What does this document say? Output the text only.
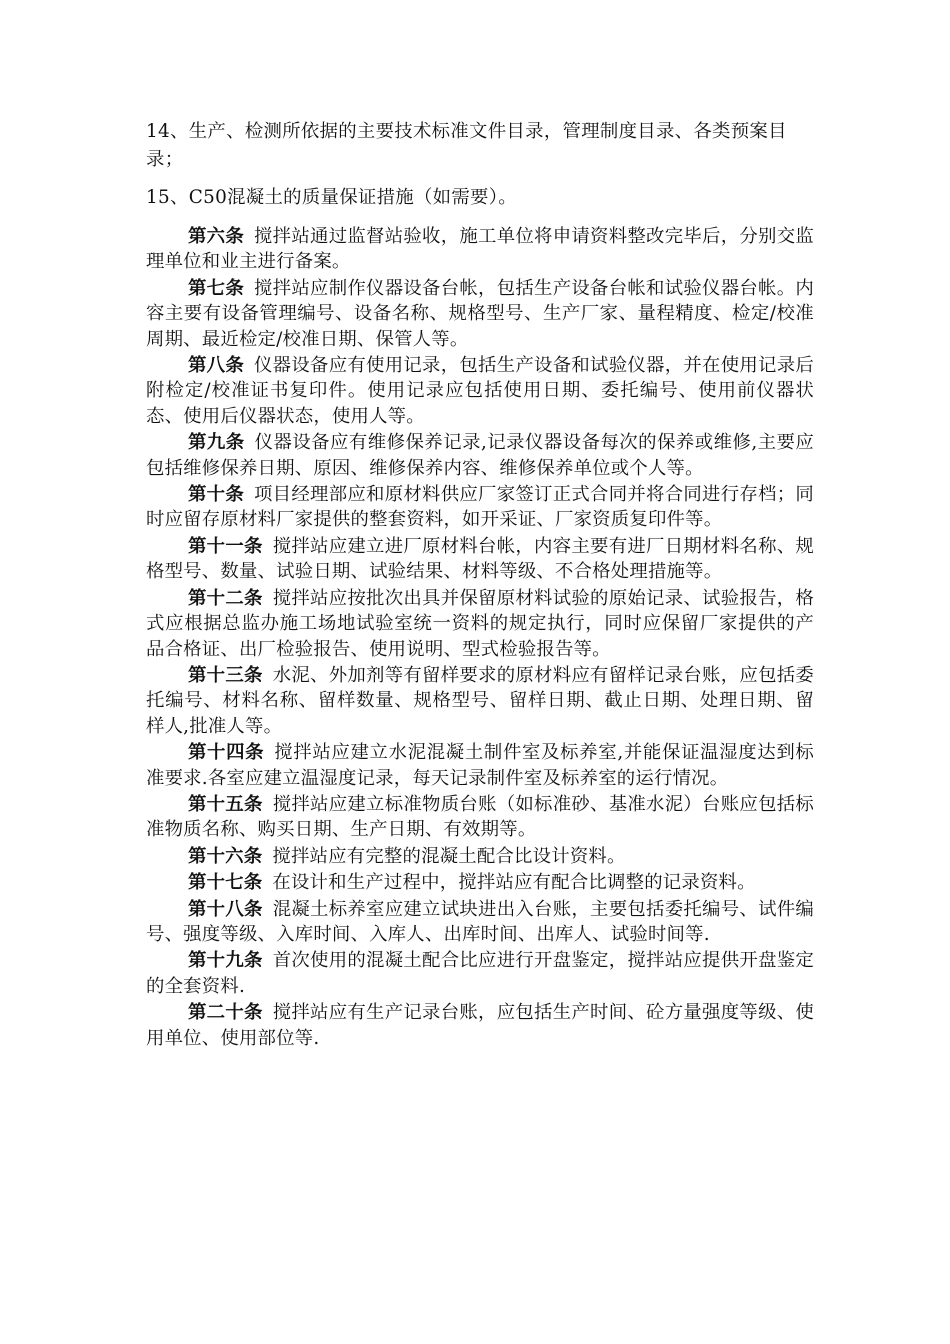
14、生产、检测所依据的主要技术标准文件目录，管理制度目录、各类预案目录；

15、C50混凝土的质量保证措施（如需要）。

第六条 搅拌站通过监督站验收，施工单位将申请资料整改完毕后，分别交监理单位和业主进行备案。

第七条 搅拌站应制作仪器设备台帐，包括生产设备台帐和试验仪器台帐。内容主要有设备管理编号、设备名称、规格型号、生产厂家、量程精度、检定/校准周期、最近检定/校准日期、保管人等。

第八条 仪器设备应有使用记录，包括生产设备和试验仪器，并在使用记录后附检定/校准证书复印件。使用记录应包括使用日期、委托编号、使用前仪器状态、使用后仪器状态，使用人等。

第九条 仪器设备应有维修保养记录,记录仪器设备每次的保养或维修,主要应包括维修保养日期、原因、维修保养内容、维修保养单位或个人等。

第十条 项目经理部应和原材料供应厂家签订正式合同并将合同进行存档；同时应留存原材料厂家提供的整套资料，如开采证、厂家资质复印件等。

第十一条 搅拌站应建立进厂原材料台帐，内容主要有进厂日期材料名称、规格型号、数量、试验日期、试验结果、材料等级、不合格处理措施等。

第十二条 搅拌站应按批次出具并保留原材料试验的原始记录、试验报告，格式应根据总监办施工场地试验室统一资料的规定执行，同时应保留厂家提供的产品合格证、出厂检验报告、使用说明、型式检验报告等。

第十三条 水泥、外加剂等有留样要求的原材料应有留样记录台账，应包括委托编号、材料名称、留样数量、规格型号、留样日期、截止日期、处理日期、留样人,批准人等。

第十四条 搅拌站应建立水泥混凝土制件室及标养室,并能保证温湿度达到标准要求.各室应建立温湿度记录，每天记录制件室及标养室的运行情况。

第十五条 搅拌站应建立标准物质台账（如标准砂、基准水泥）台账应包括标准物质名称、购买日期、生产日期、有效期等。

第十六条 搅拌站应有完整的混凝土配合比设计资料。

第十七条 在设计和生产过程中，搅拌站应有配合比调整的记录资料。

第十八条 混凝土标养室应建立试块进出入台账，主要包括委托编号、试件编号、强度等级、入库时间、入库人、出库时间、出库人、试验时间等.

第十九条 首次使用的混凝土配合比应进行开盘鉴定，搅拌站应提供开盘鉴定的全套资料.

第二十条 搅拌站应有生产记录台账，应包括生产时间、砼方量强度等级、使用单位、使用部位等.
